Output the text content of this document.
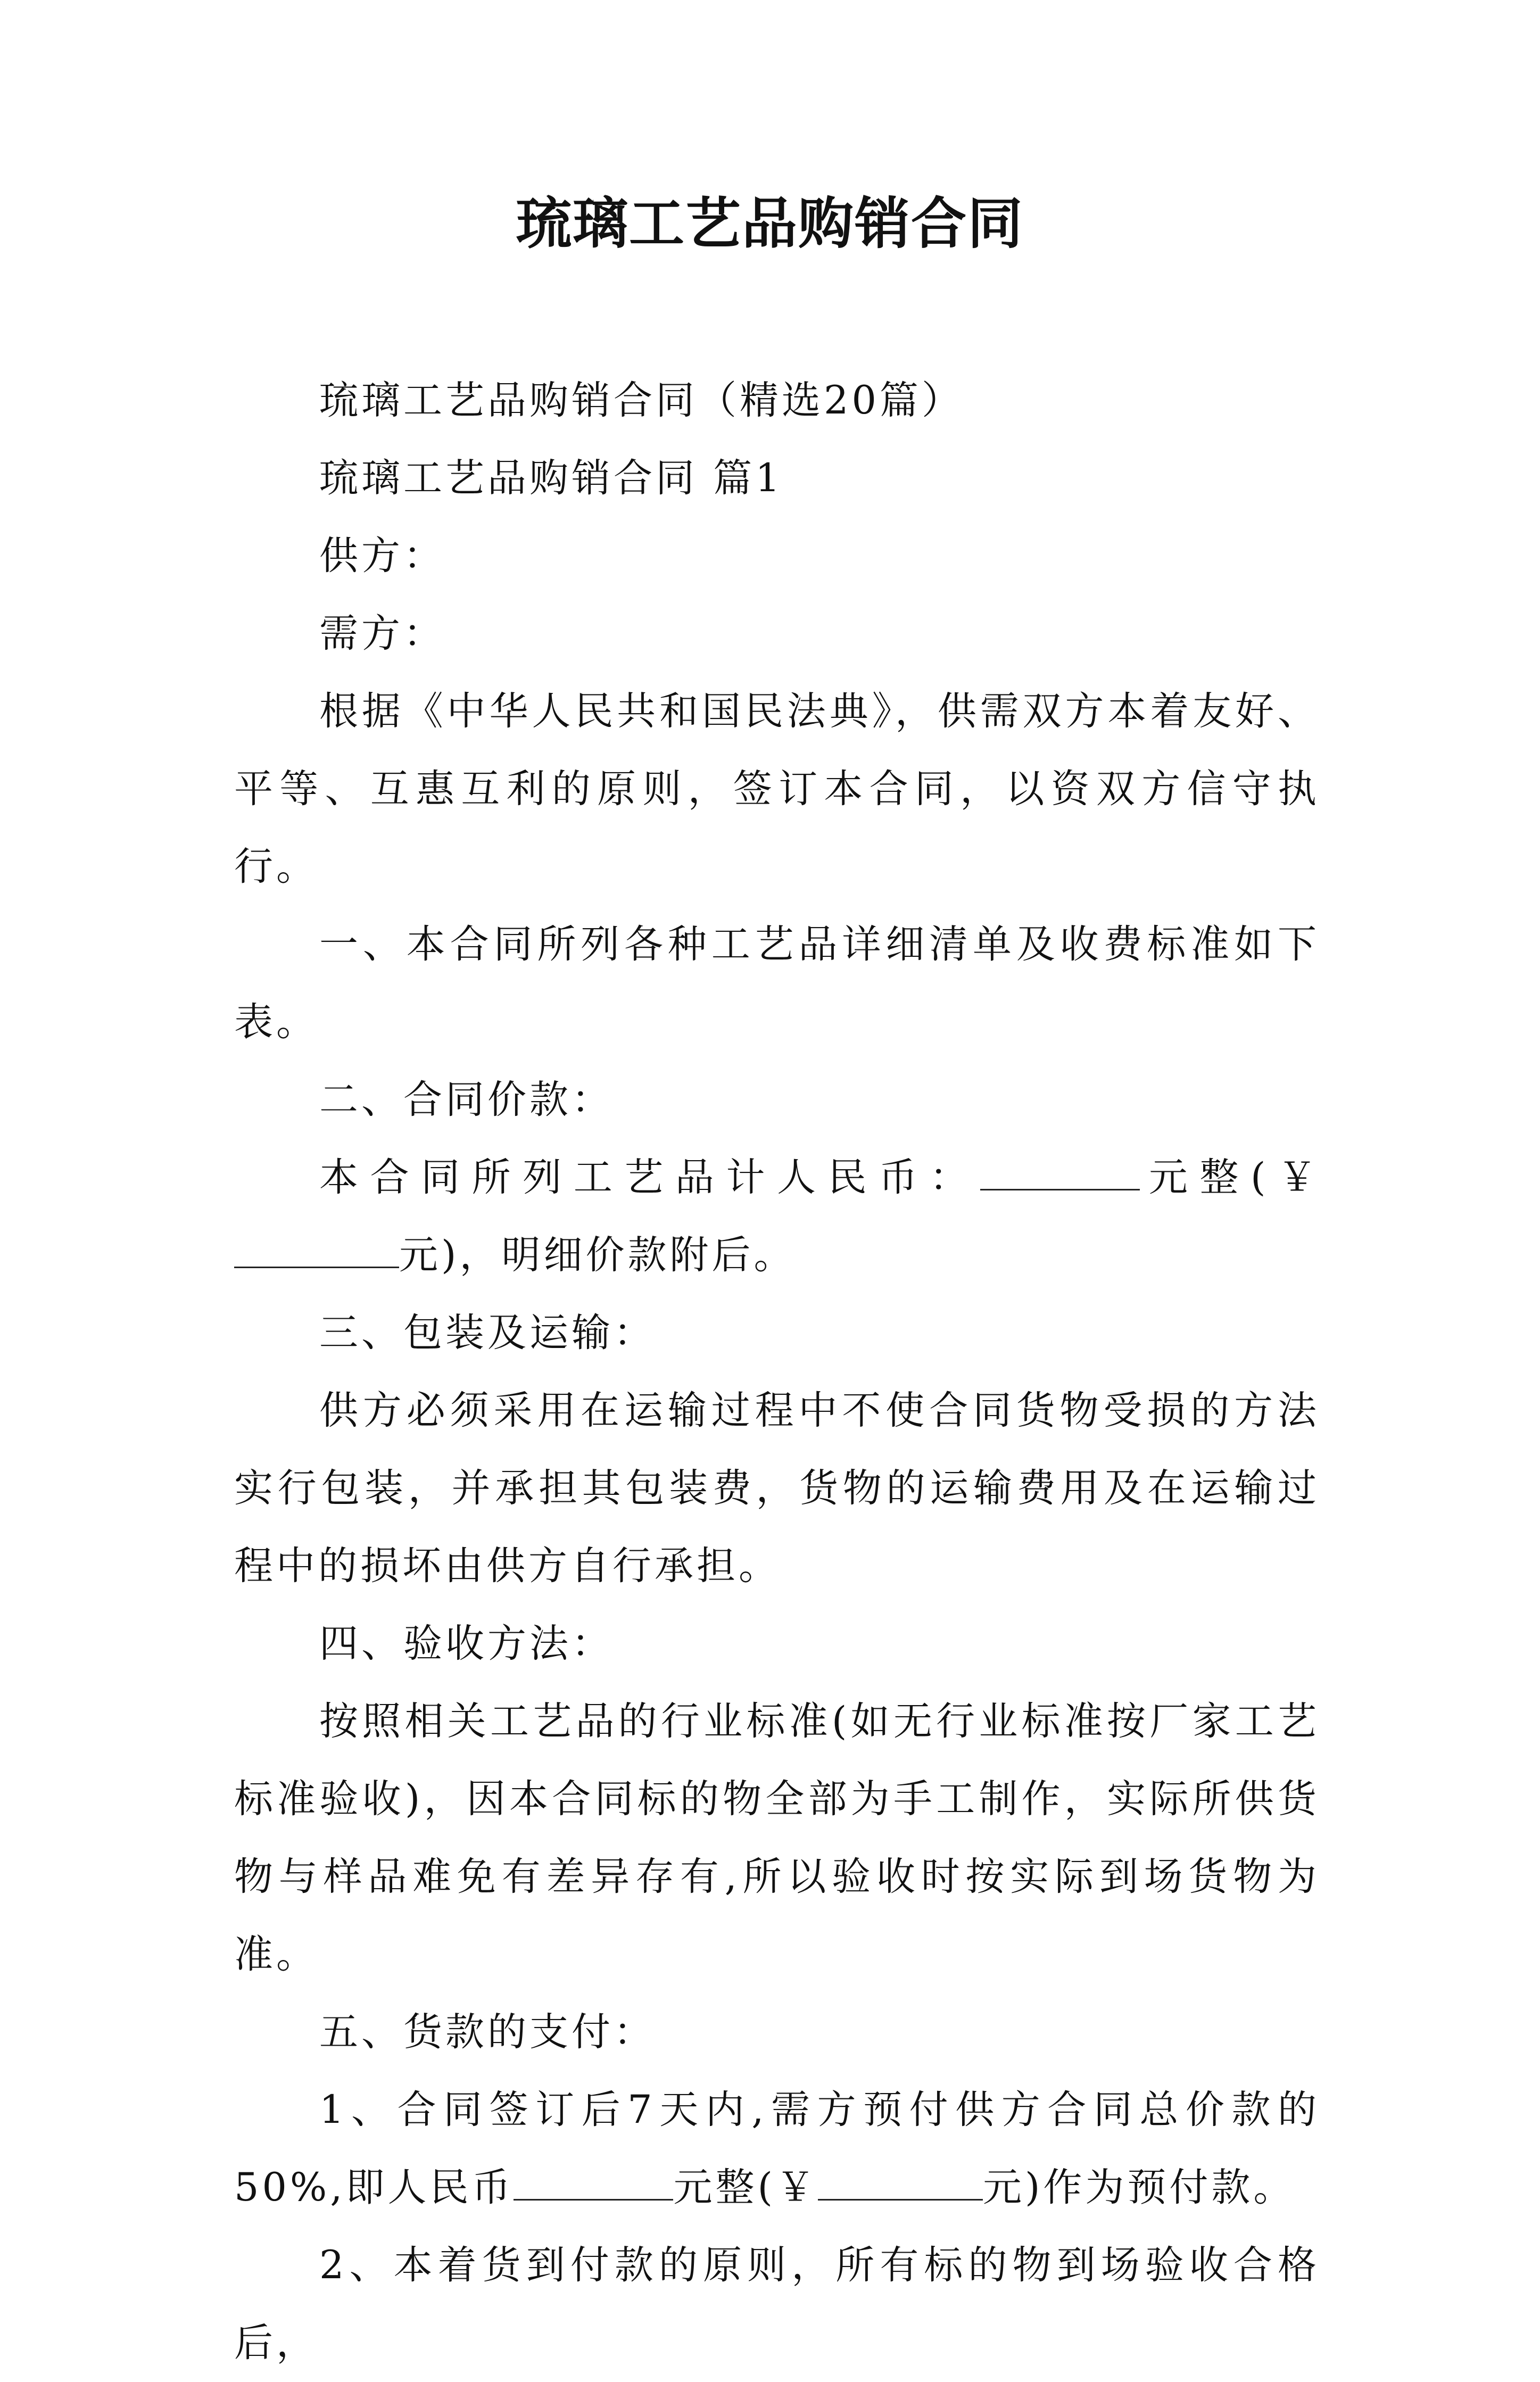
琉璃工艺品购销合同

琉璃工艺品购销合同（精选20篇）

琉璃工艺品购销合同 篇1

供方：

需方：

根据《中华人民共和国民法典》，供需双方本着友好、平等、互惠互利的原则，签订本合同，以资双方信守执行。

一、本合同所列各种工艺品详细清单及收费标准如下表。

二、合同价款：

本合同所列工艺品计人民币：	元整(￥元)，明细价款附后。

三、包装及运输：

供方必须采用在运输过程中不使合同货物受损的方法实行包装，并承担其包装费，货物的运输费用及在运输过程中的损坏由供方自行承担。

四、验收方法：

按照相关工艺品的行业标准(如无行业标准按厂家工艺标准验收)，因本合同标的物全部为手工制作，实际所供货物与样品难免有差异存有,所以验收时按实际到场货物为准。

五、货款的支付：

1、合同签订后7天内,需方预付供方合同总价款的50%,即人民币	元整(￥	元)作为预付款。

2、本着货到付款的原则，所有标的物到场验收合格后，
